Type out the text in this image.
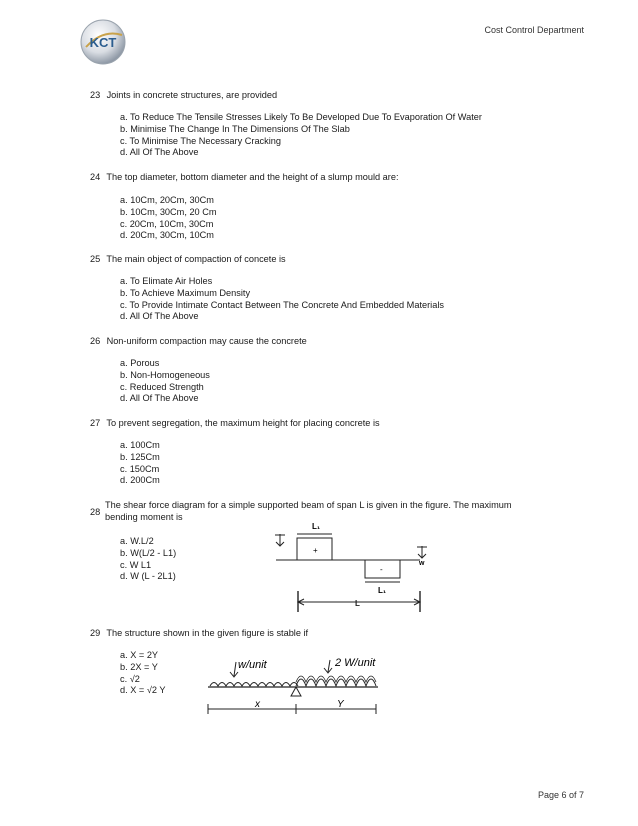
KCT
Cost Control Department
23 Joints in concrete structures, are provided
a. To Reduce The Tensile Stresses Likely To Be Developed Due To Evaporation Of Water
b. Minimise The Change In The Dimensions Of The Slab
c. To Minimise The Necessary Cracking
d. All Of The Above
24 The top diameter, bottom diameter and the height of a slump mould are:
a. 10Cm, 20Cm, 30Cm
b. 10Cm, 30Cm, 20 Cm
c. 20Cm, 10Cm, 30Cm
d. 20Cm, 30Cm, 10Cm
25 The main object of compaction of concete is
a. To Elimate Air Holes
b. To Achieve Maximum Density
c. To Provide Intimate Contact Between The Concrete And Embedded Materials
d. All Of The Above
26 Non-uniform compaction may cause the concrete
a. Porous
b. Non-Homogeneous
c. Reduced Strength
d. All Of The Above
27 To prevent segregation, the maximum height for placing concrete is
a. 100Cm
b. 125Cm
c. 150Cm
d. 200Cm
28
The shear force diagram for a simple supported beam of span L is given in the figure. The maximum bending moment is
a. W.L/2
b. W(L/2 - L1)
c. W L1
d. W (L - 2L1)
L₁
+
-
L₁
w
L
29 The structure shown in the given figure is stable if
a. X = 2Y
b. 2X = Y
c. √2
d. X = √2 Y
w/unit	2 W/unit
x	Y
Page 6 of 7
